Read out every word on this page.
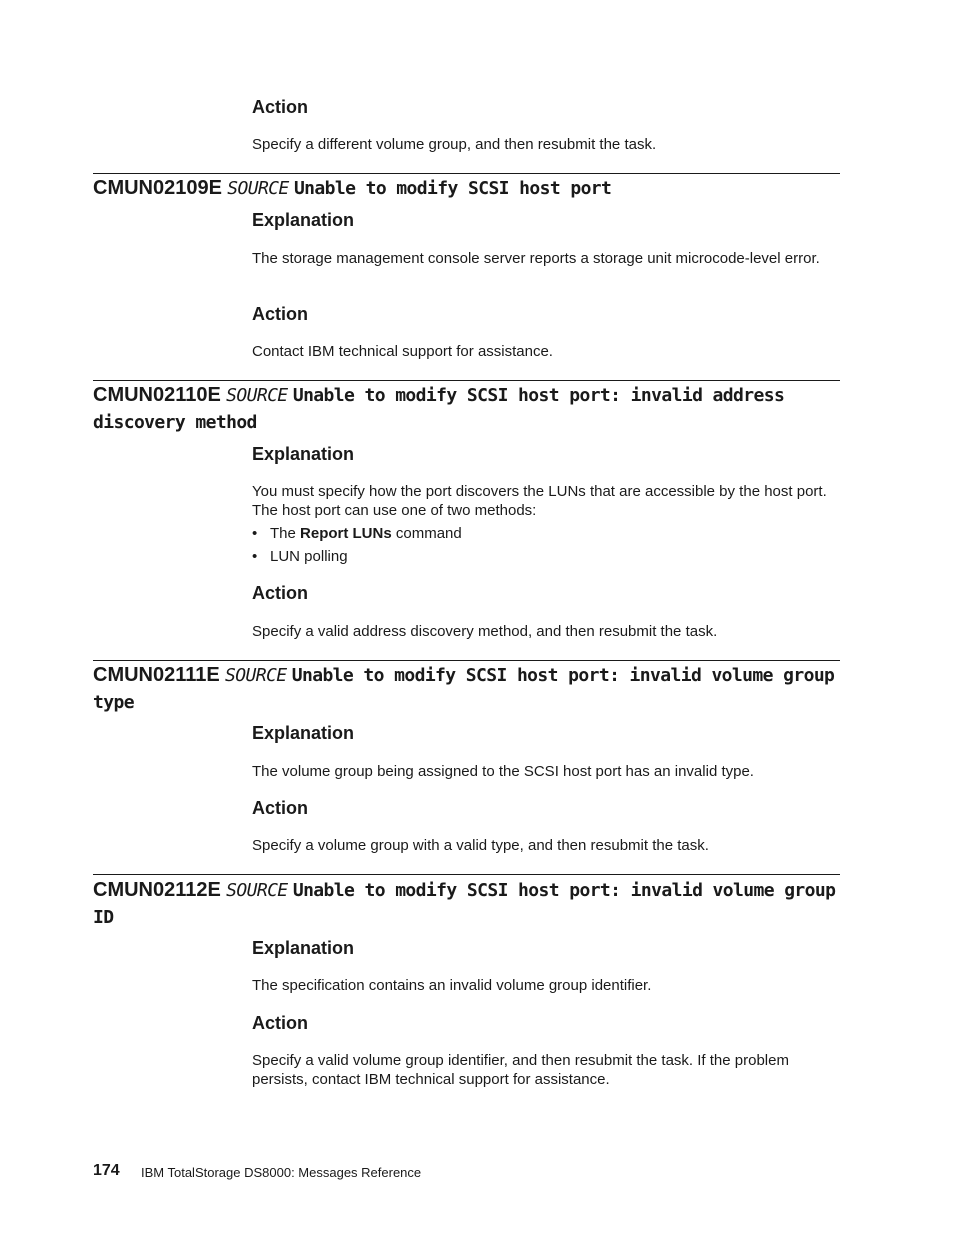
Action

Specify a different volume group, and then resubmit the task.

CMUN02109E SOURCE Unable to modify SCSI host port
Explanation

The storage management console server reports a storage unit microcode-level error.

Action

Contact IBM technical support for assistance.

CMUN02110E SOURCE Unable to modify SCSI host port: invalid address discovery method
Explanation

You must specify how the port discovers the LUNs that are accessible by the host port. The host port can use one of two methods:

• The Report LUNs command
• LUN polling
Action

Specify a valid address discovery method, and then resubmit the task.

CMUN02111E SOURCE Unable to modify SCSI host port: invalid volume group type
Explanation

The volume group being assigned to the SCSI host port has an invalid type.

Action

Specify a volume group with a valid type, and then resubmit the task.

CMUN02112E SOURCE Unable to modify SCSI host port: invalid volume group ID
Explanation

The specification contains an invalid volume group identifier.

Action

Specify a valid volume group identifier, and then resubmit the task. If the problem persists, contact IBM technical support for assistance.

174 IBM TotalStorage DS8000: Messages Reference
